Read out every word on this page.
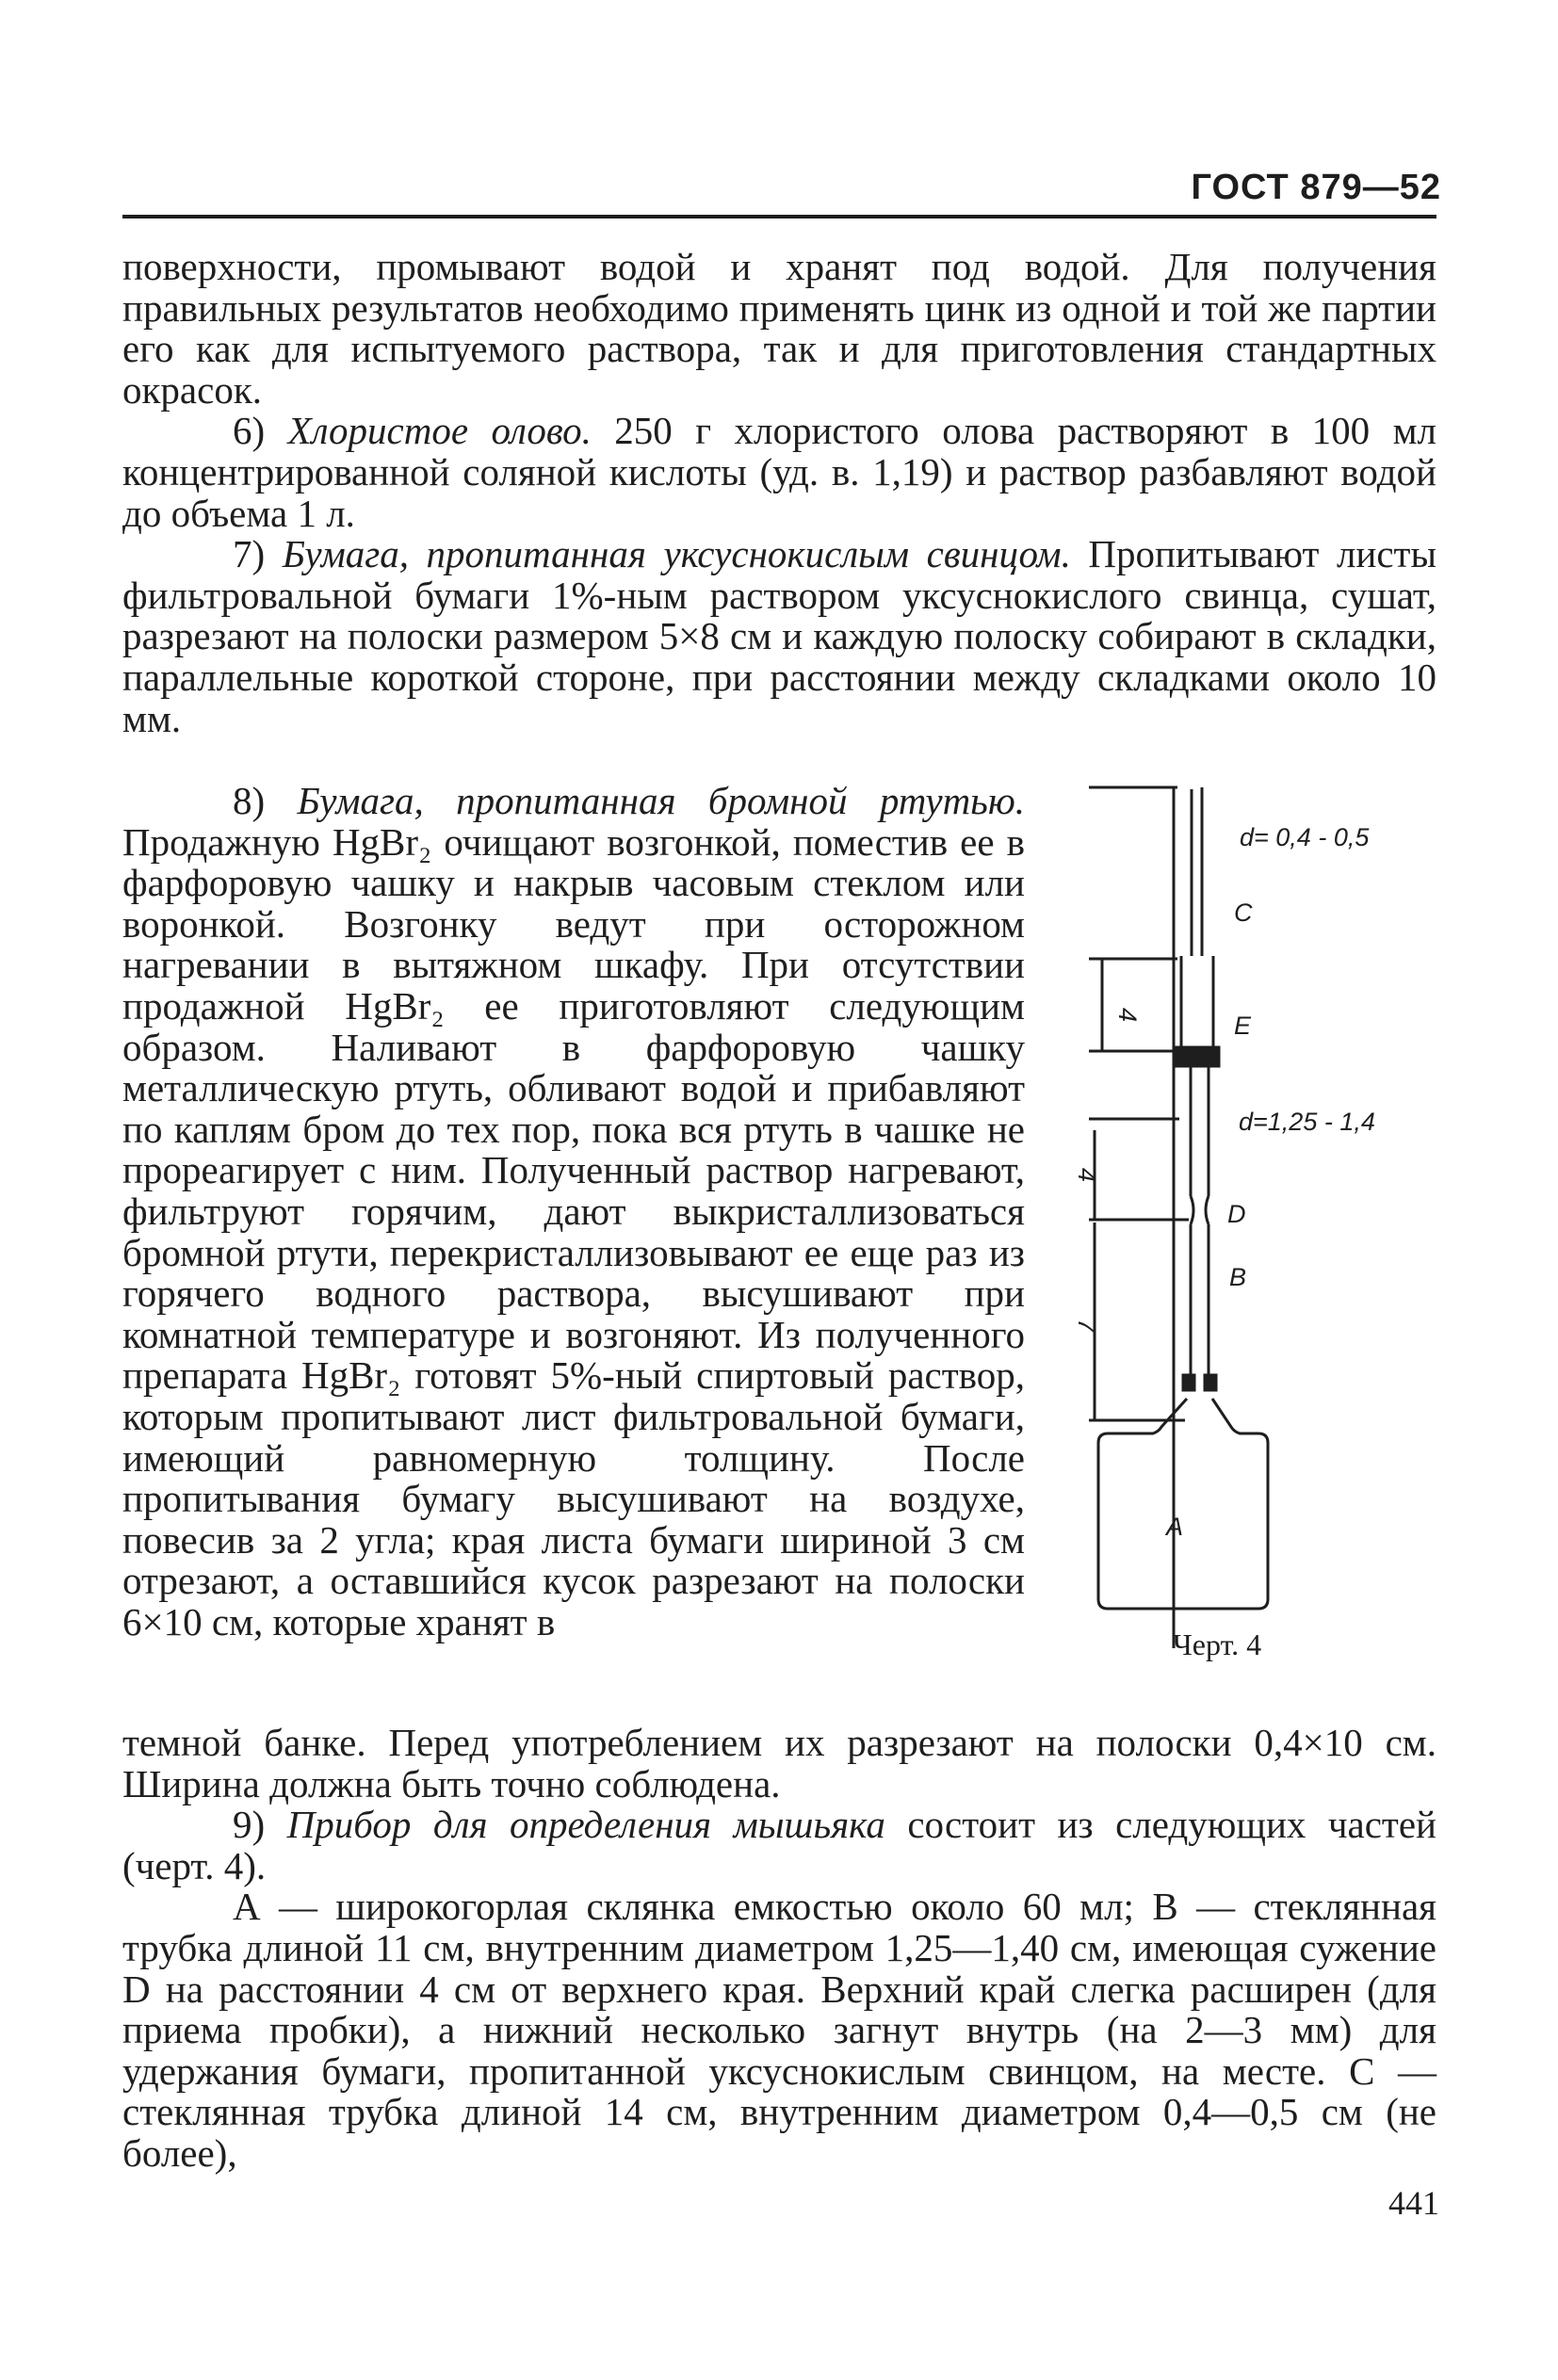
ГОСТ 879—52

поверхности, промывают водой и хранят под водой. Для получения правильных результатов необходимо применять цинк из одной и той же партии его как для испытуемого раствора, так и для приготовления стандартных окрасок.

6) Хлористое олово. 250 г хлористого олова растворяют в 100 мл концентрированной соляной кислоты (уд. в. 1,19) и раствор разбавляют водой до объема 1 л.

7) Бумага, пропитанная уксуснокислым свинцом. Пропитывают листы фильтровальной бумаги 1%-ным раствором уксуснокислого свинца, сушат, разрезают на полоски размером 5×8 см и каждую полоску собирают в складки, параллельные короткой стороне, при расстоянии между складками около 10 мм.

8) Бумага, пропитанная бромной ртутью. Продажную HgBr₂ очищают возгонкой, поместив ее в фарфоровую чашку и накрыв часовым стеклом или воронкой. Возгонку ведут при осторожном нагревании в вытяжном шкафу. При отсутствии продажной HgBr₂ ее приготовляют следующим образом. Наливают в фарфоровую чашку металлическую ртуть, обливают водой и прибавляют по каплям бром до тех пор, пока вся ртуть в чашке не прореагирует с ним. Полученный раствор нагревают, фильтруют горячим, дают выкристаллизоваться бромной ртути, перекристаллизовывают ее еще раз из горячего водного раствора, высушивают при комнатной температуре и возгоняют. Из полученного препарата HgBr₂ готовят 5%-ный спиртовый раствор, которым пропитывают лист фильтровальной бумаги, имеющий равномерную толщину. После пропитывания бумагу высушивают на воздухе, повесив за 2 угла; края листа бумаги шириной 3 см отрезают, а оставшийся кусок разрезают на полоски 6×10 см, которые хранят в

4
4
7
d= 0,4 - 0,5
C
E
d=1,25 - 1,4
D
B
A
Черт. 4

темной банке. Перед употреблением их разрезают на полоски 0,4×10 см. Ширина должна быть точно соблюдена.

9) Прибор для определения мышьяка состоит из следующих частей (черт. 4).

А — широкогорлая склянка емкостью около 60 мл; В — стеклянная трубка длиной 11 см, внутренним диаметром 1,25—1,40 см, имеющая сужение D на расстоянии 4 см от верхнего края. Верхний край слегка расширен (для приема пробки), а нижний несколько загнут внутрь (на 2—3 мм) для удержания бумаги, пропитанной уксуснокислым свинцом, на месте. С — стеклянная трубка длиной 14 см, внутренним диаметром 0,4—0,5 см (не более),

441
